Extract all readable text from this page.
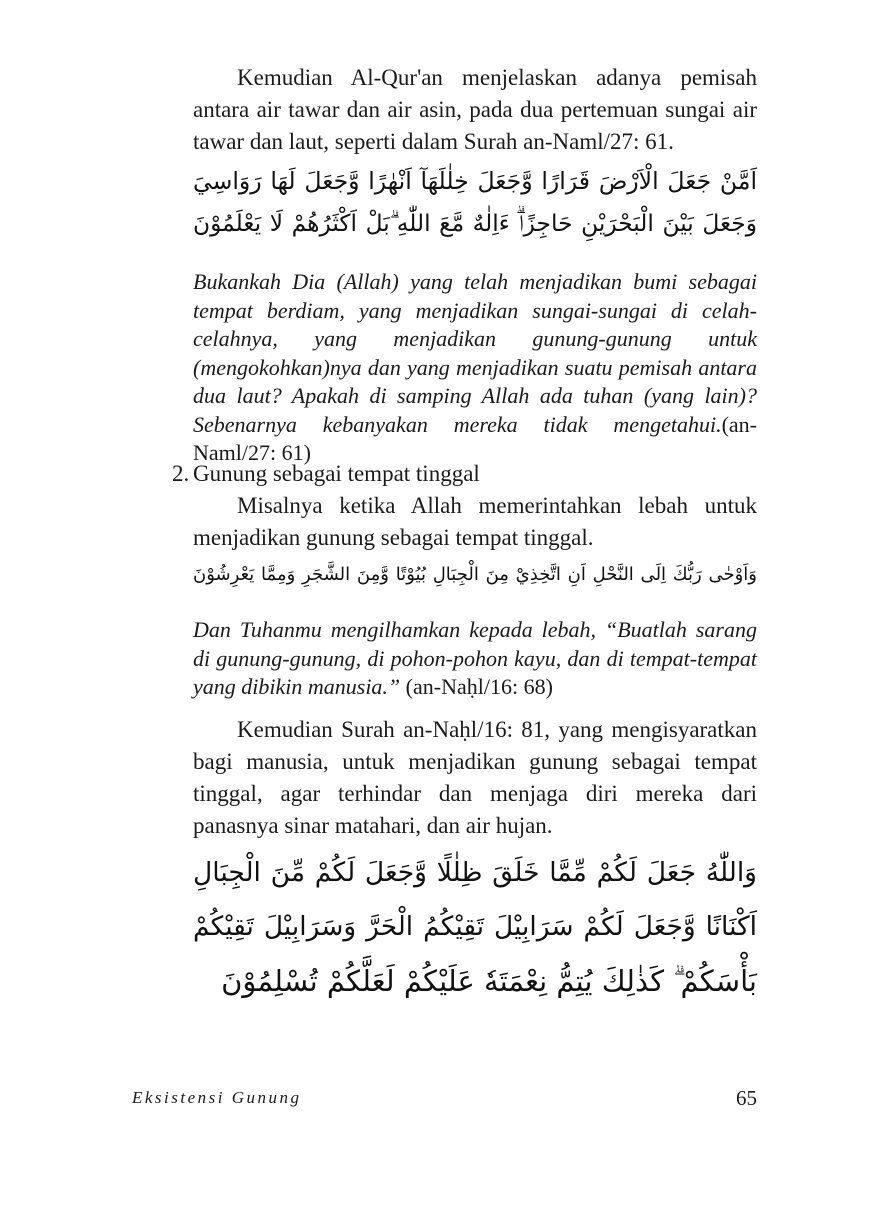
Kemudian Al-Qur'an menjelaskan adanya pemisah antara air tawar dan air asin, pada dua pertemuan sungai air tawar dan laut, seperti dalam Surah an-Naml/27: 61.

اَمَّنْ جَعَلَ الْاَرْضَ قَرَارًا وَّجَعَلَ خِلٰلَهَآ اَنْهٰرًا وَّجَعَلَ لَهَا رَوَاسِيَ
وَجَعَلَ بَيْنَ الْبَحْرَيْنِ حَاجِزًاۗ ءَاِلٰهٌ مَّعَ اللّٰهِ ۗبَلْ اَكْثَرُهُمْ لَا يَعْلَمُوْنَ

Bukankah Dia (Allah) yang telah menjadikan bumi sebagai tempat berdiam, yang menjadikan sungai-sungai di celah-celahnya, yang menjadikan gunung-gunung untuk (mengokohkan)nya dan yang menjadikan suatu pemisah antara dua laut? Apakah di samping Allah ada tuhan (yang lain)? Sebenarnya kebanyakan mereka tidak mengetahui.(an-Naml/27: 61)

2. Gunung sebagai tempat tinggal

Misalnya ketika Allah memerintahkan lebah untuk menjadikan gunung sebagai tempat tinggal.

وَاَوْحٰى رَبُّكَ اِلَى النَّحْلِ اَنِ اتَّخِذِيْ مِنَ الْجِبَالِ بُيُوْتًا وَّمِنَ الشَّجَرِ وَمِمَّا يَعْرِشُوْنَ

Dan Tuhanmu mengilhamkan kepada lebah, “Buatlah sarang di gunung-gunung, di pohon-pohon kayu, dan di tempat-tempat yang dibikin manusia.” (an-Naḥl/16: 68)

Kemudian Surah an-Naḥl/16: 81, yang mengisyaratkan bagi manusia, untuk menjadikan gunung sebagai tempat tinggal, agar terhindar dan menjaga diri mereka dari panasnya sinar matahari, dan air hujan.

وَاللّٰهُ جَعَلَ لَكُمْ مِّمَّا خَلَقَ ظِلٰلًا وَّجَعَلَ لَكُمْ مِّنَ الْجِبَالِ
اَكْنَانًا وَّجَعَلَ لَكُمْ سَرَابِيْلَ تَقِيْكُمُ الْحَرَّ وَسَرَابِيْلَ تَقِيْكُمْ
بَأْسَكُمْ ۗ كَذٰلِكَ يُتِمُّ نِعْمَتَهٗ عَلَيْكُمْ لَعَلَّكُمْ تُسْلِمُوْنَ
Eksistensi Gunung	65
